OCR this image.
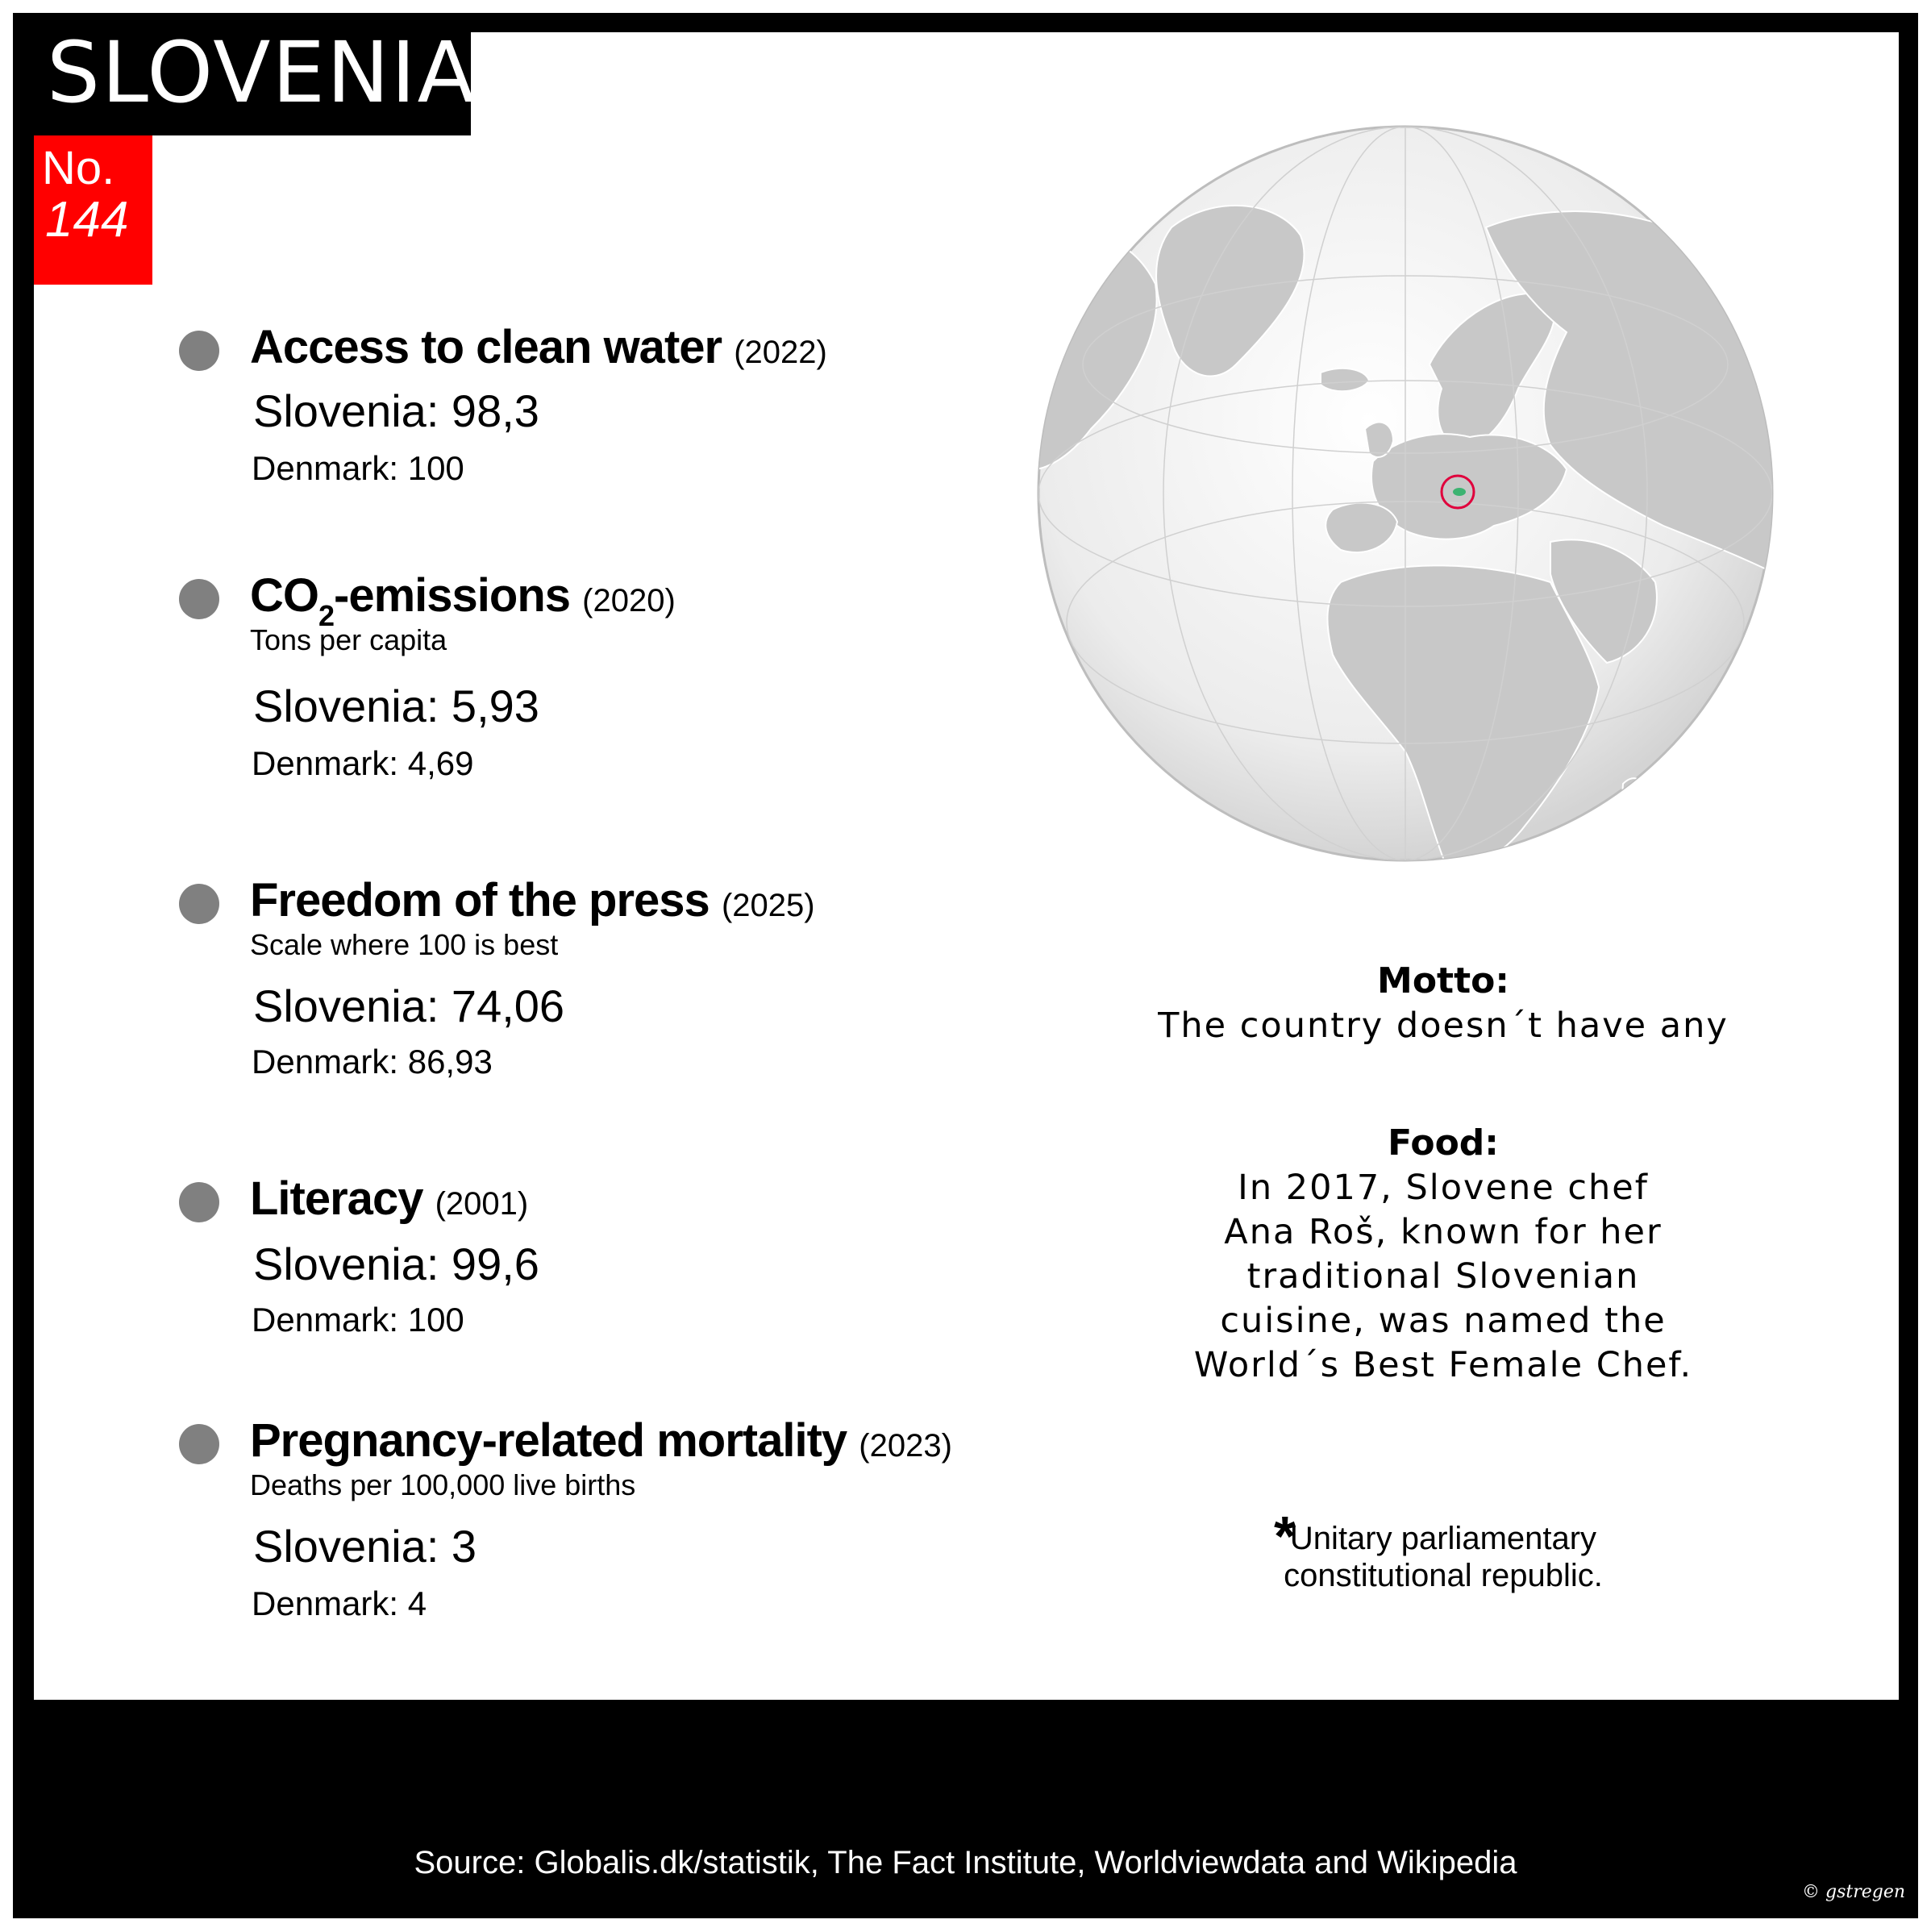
SLOVENIA
No.
144
Access to clean water (2022)
Slovenia: 98,3
Denmark: 100
$CO_2$-emissions (2020)
Tons per capita
Slovenia: 5,93
Denmark: 4,69
Freedom of the press (2025)
Scale where 100 is best
Slovenia: 74,06
Denmark: 86,93
Literacy (2001)
Slovenia: 99,6
Denmark: 100
Pregnancy-related mortality (2023)
Deaths per 100,000 live births
Slovenia: 3
Denmark: 4
Motto:
The country doesn´t have any
Food:
In 2017, Slovene chef
Ana Roš, known for her
traditional Slovenian
cuisine, was named the
World´s Best Female Chef.
*
Unitary parliamentary
constitutional republic.
Source: Globalis.dk/statistik, The Fact Institute, Worldviewdata and Wikipedia
© gstregen
